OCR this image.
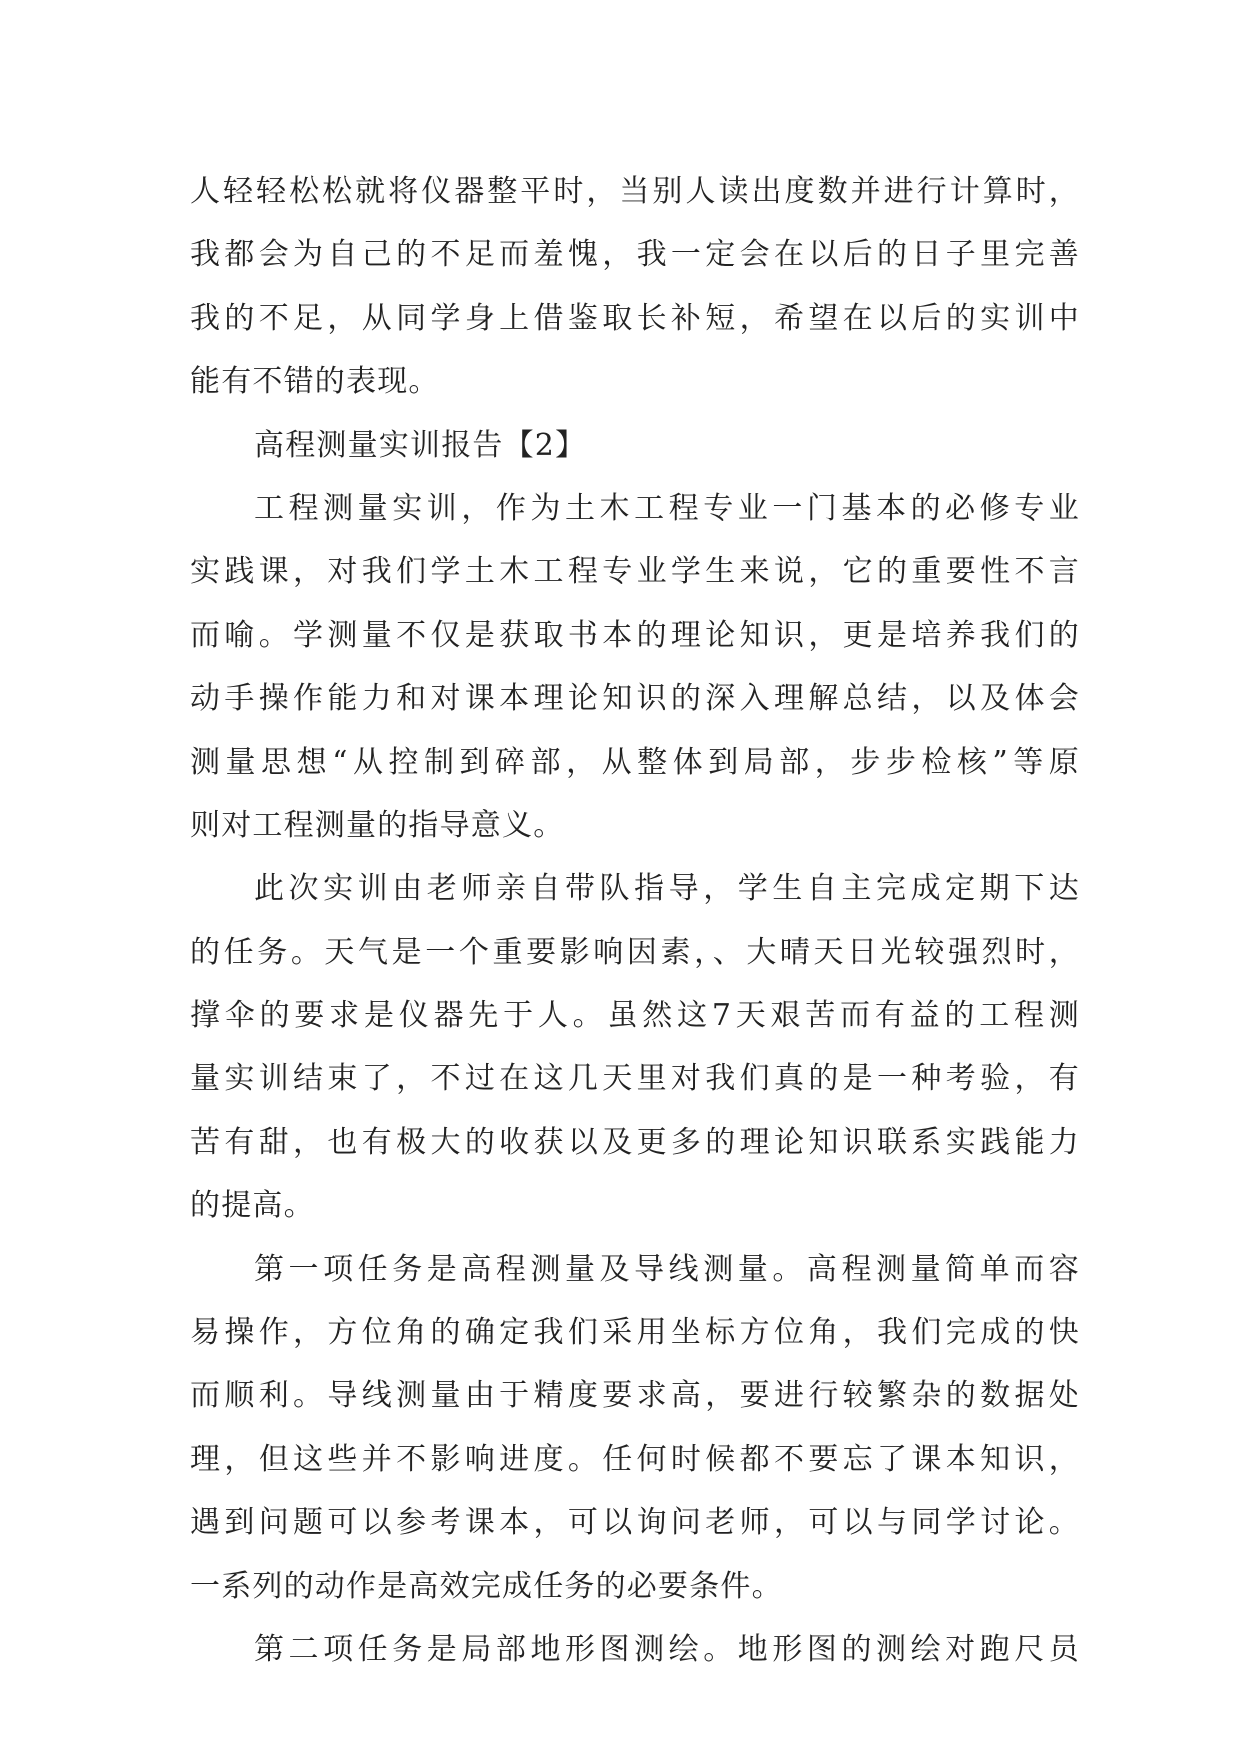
人轻轻松松就将仪器整平时，当别人读出度数并进行计算时，
我都会为自己的不足而羞愧，我一定会在以后的日子里完善
我的不足，从同学身上借鉴取长补短，希望在以后的实训中
能有不错的表现。
高程测量实训报告【2】
工程测量实训，作为土木工程专业一门基本的必修专业
实践课，对我们学土木工程专业学生来说，它的重要性不言
而喻。学测量不仅是获取书本的理论知识，更是培养我们的
动手操作能力和对课本理论知识的深入理解总结，以及体会
测量思想“从控制到碎部，从整体到局部，步步检核”等原
则对工程测量的指导意义。
此次实训由老师亲自带队指导，学生自主完成定期下达
的任务。天气是一个重要影响因素，、大晴天日光较强烈时，
撑伞的要求是仪器先于人。虽然这7天艰苦而有益的工程测
量实训结束了，不过在这几天里对我们真的是一种考验，有
苦有甜，也有极大的收获以及更多的理论知识联系实践能力
的提高。
第一项任务是高程测量及导线测量。高程测量简单而容
易操作，方位角的确定我们采用坐标方位角，我们完成的快
而顺利。导线测量由于精度要求高，要进行较繁杂的数据处
理，但这些并不影响进度。任何时候都不要忘了课本知识，
遇到问题可以参考课本，可以询问老师，可以与同学讨论。
一系列的动作是高效完成任务的必要条件。
第二项任务是局部地形图测绘。地形图的测绘对跑尺员
